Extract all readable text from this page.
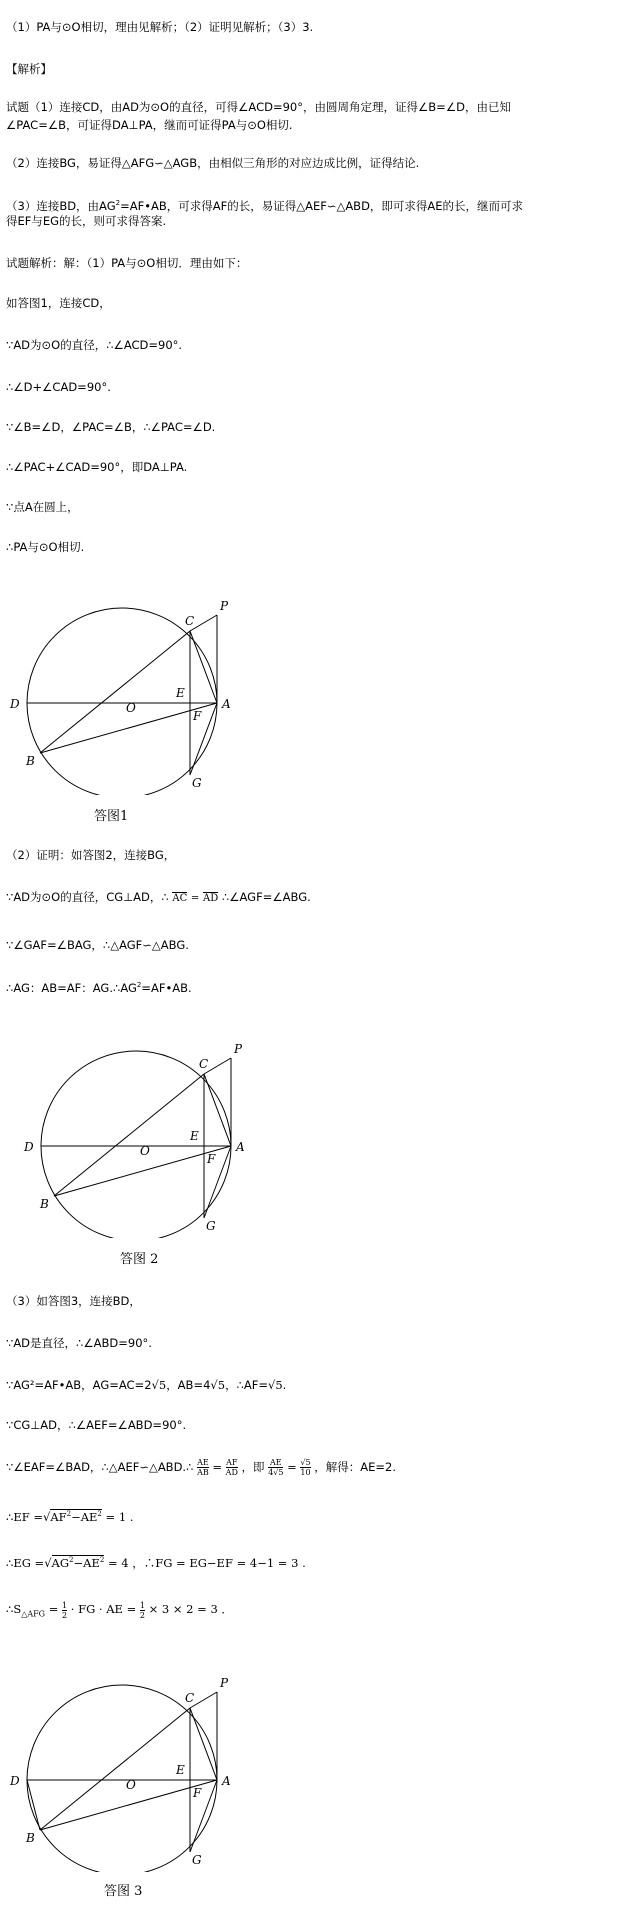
（1）PA与⊙O相切，理由见解析；（2）证明见解析；（3）3.
【解析】
试题（1）连接CD，由AD为⊙O的直径，可得∠ACD=90°，由圆周角定理，证得∠B=∠D，由已知
∠PAC=∠B，可证得DA⊥PA，继而可证得PA与⊙O相切.
（2）连接BG，易证得△AFG∽△AGB，由相似三角形的对应边成比例，证得结论.
（3）连接BD，由$AG^2=AF•AB$，可求得AF的长，易证得△AEF∽△ABD，即可求得AE的长，继而可求
得EF与EG的长，则可求得答案.
试题解析：解：（1）PA与⊙O相切．理由如下：
如答图1，连接CD，
∵AD为⊙O的直径，∴∠ACD=90°.
∴∠D+∠CAD=90°.
∵∠B=∠D，∠PAC=∠B，∴∠PAC=∠D.
∴∠PAC+∠CAD=90°，即DA⊥PA.
∵点A在圆上，
∴PA与⊙O相切.
P
C
D	O
E
A
F
B
G
答图1
（2）证明：如答图2，连接BG，
∵AD为⊙O的直径，CG⊥AD，∴ AC = AD ∴∠AGF=∠ABG.
∵∠GAF=∠BAG，∴△AGF∽△ABG.
∴AG：AB=AF：$AG.\therefore AG^2=AF•AB$.
P
C
D	O
E
A
F
B
G
答图 2
（3）如答图3，连接BD，
∵AD是直径，∴∠ABD=90°.
∵AG²=AF•AB，AG=AC=2√5，AB=4√5，∴AF=√5.
∵CG⊥AD，∴∠AEF=∠ABD=90°.
∵∠EAF=∠BAD，∴△AEF∽△ABD.∴ $\frac{AE}{AB} = \frac{AF}{AD}$ ，即 $\frac{AE}{4√5} = \frac{√5}{10}$ ，解得：AE=2.
∴EF $=√AF^2-AE^2 = 1$ .
∴EG $=√AG^2-AE^2 = 4$ ，∴FG = EG−EF = 4−1 = 3 .
$\therefore S_{\triangle AFG} = \frac{1}{2}$ · FG · AE = $\frac{1}{2} \times 3 \times 2 = 3$ ．
P
C
D	O
E
A
F
B
G
答图 3
